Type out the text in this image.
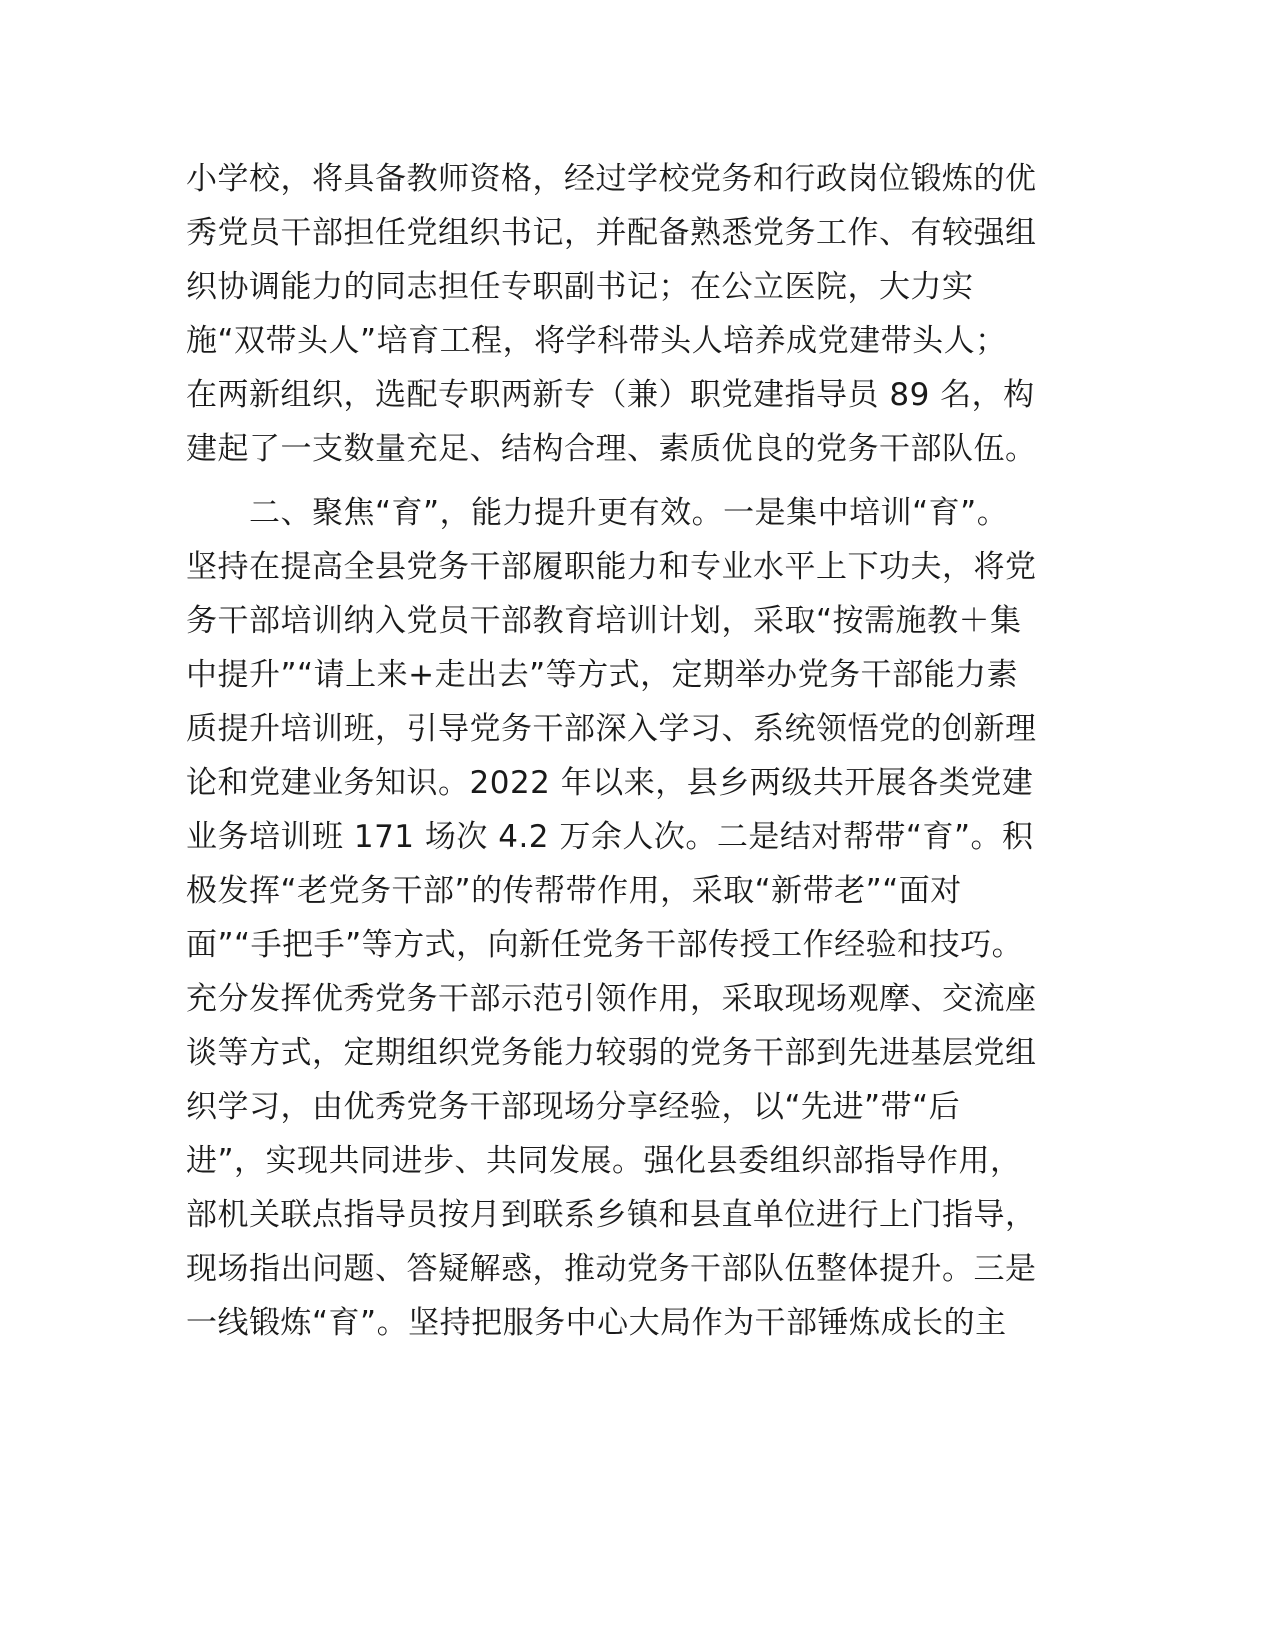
小学校，将具备教师资格，经过学校党务和行政岗位锻炼的优
秀党员干部担任党组织书记，并配备熟悉党务工作、有较强组
织协调能力的同志担任专职副书记；在公立医院，大力实
施“双带头人”培育工程，将学科带头人培养成党建带头人；
在两新组织，选配专职两新专（兼）职党建指导员 89 名，构
建起了一支数量充足、结构合理、素质优良的党务干部队伍。
　　二、聚焦“育”，能力提升更有效。一是集中培训“育”。
坚持在提高全县党务干部履职能力和专业水平上下功夫，将党
务干部培训纳入党员干部教育培训计划，采取“按需施教＋集
中提升”“请上来+走出去”等方式，定期举办党务干部能力素
质提升培训班，引导党务干部深入学习、系统领悟党的创新理
论和党建业务知识。2022 年以来，县乡两级共开展各类党建
业务培训班 171 场次 4.2 万余人次。二是结对帮带“育”。积
极发挥“老党务干部”的传帮带作用，采取“新带老”“面对
面”“手把手”等方式，向新任党务干部传授工作经验和技巧。
充分发挥优秀党务干部示范引领作用，采取现场观摩、交流座
谈等方式，定期组织党务能力较弱的党务干部到先进基层党组
织学习，由优秀党务干部现场分享经验，以“先进”带“后
进”，实现共同进步、共同发展。强化县委组织部指导作用，
部机关联点指导员按月到联系乡镇和县直单位进行上门指导，
现场指出问题、答疑解惑，推动党务干部队伍整体提升。三是
一线锻炼“育”。坚持把服务中心大局作为干部锤炼成长的主
